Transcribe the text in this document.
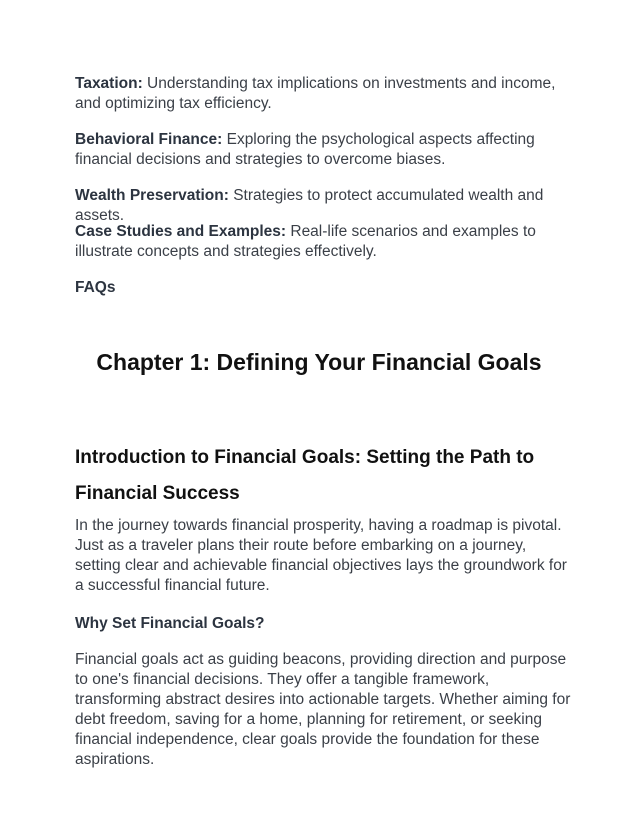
Taxation: Understanding tax implications on investments and income, and optimizing tax efficiency.

Behavioral Finance: Exploring the psychological aspects affecting financial decisions and strategies to overcome biases.

Wealth Preservation: Strategies to protect accumulated wealth and assets.

Case Studies and Examples: Real-life scenarios and examples to illustrate concepts and strategies effectively.

FAQs

In the journey towards financial prosperity, having a roadmap is pivotal. Just as a traveler plans their route before embarking on a journey, setting clear and achievable financial objectives lays the groundwork for a successful financial future.

Why Set Financial Goals?

Financial goals act as guiding beacons, providing direction and purpose to one's financial decisions. They offer a tangible framework, transforming abstract desires into actionable targets. Whether aiming for debt freedom, saving for a home, planning for retirement, or seeking financial independence, clear goals provide the foundation for these aspirations.

Chapter 1: Defining Your Financial Goals
Introduction to Financial Goals: Setting the Path to Financial Success
